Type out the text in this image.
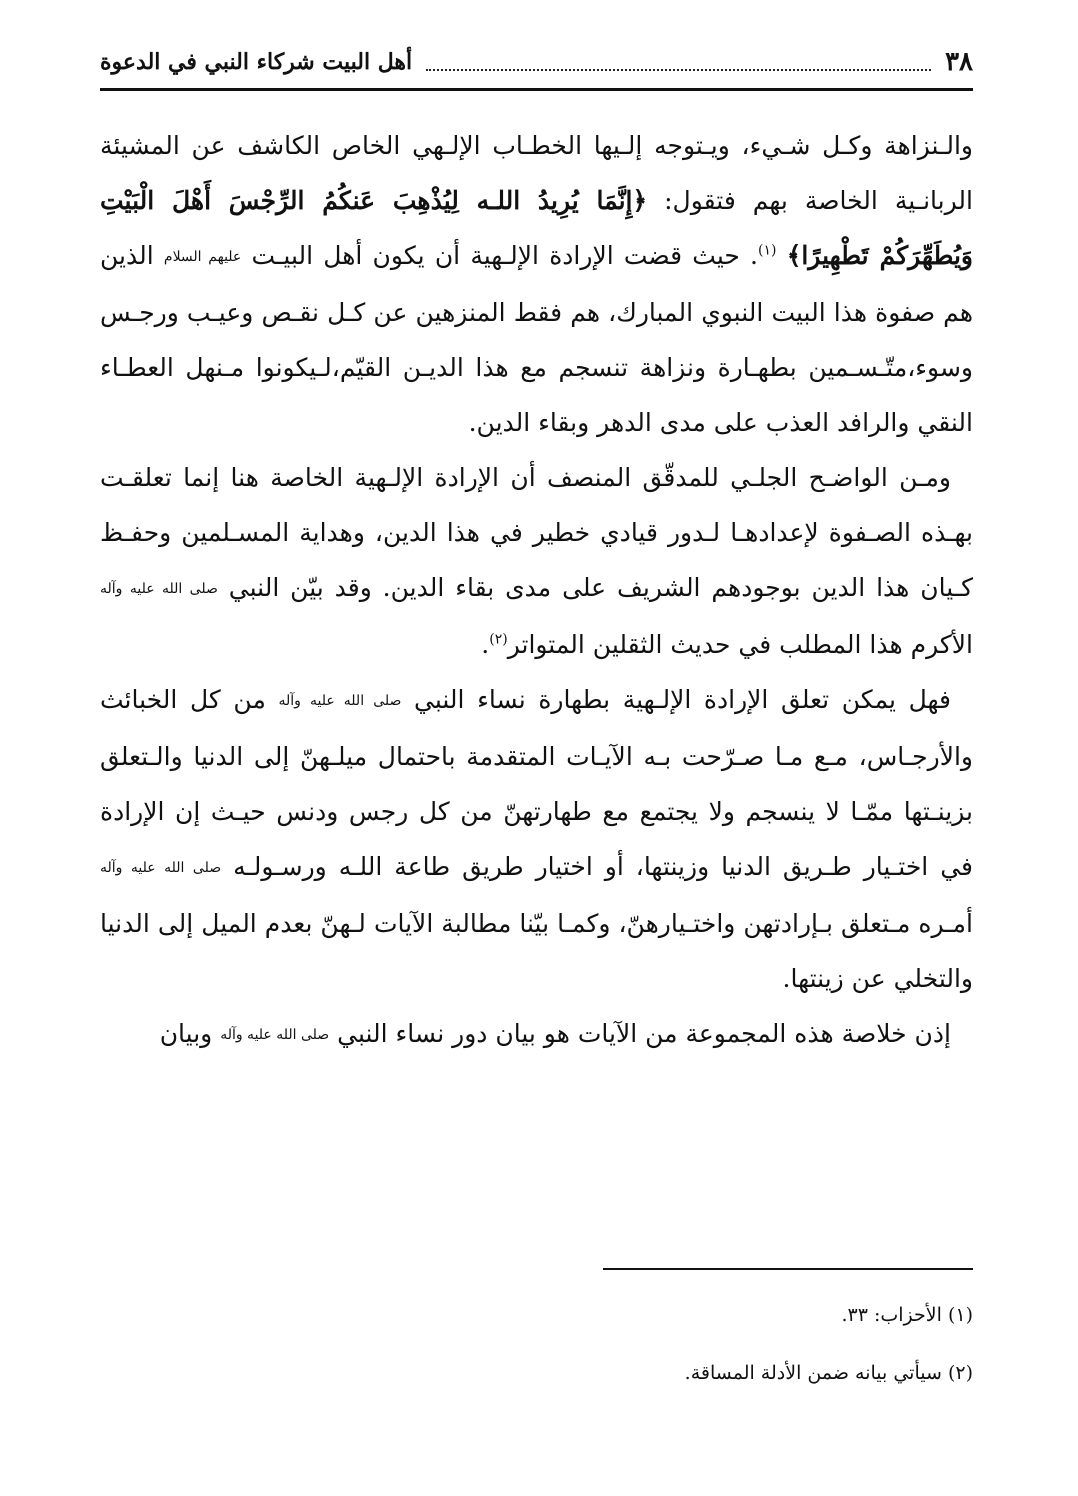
٣٨
أهل البيت شركاء النبي في الدعوة

والـنزاهة وكـل شـيء، ويـتوجه إلـيها الخطـاب الإلـهي الخاص الكاشف عن المشيئة الربانـية الخاصة بهم فتقول: ﴿إِنَّمَا يُرِيدُ اللـه لِيُذْهِبَ عَنكُمُ الرِّجْسَ أَهْلَ الْبَيْتِ وَيُطَهِّرَكُمْ تَطْهِيرًا﴾ $^{(١)}$. حيث قضت الإرادة الإلـهية أن يكون أهل البيـت عليهم السلام الذين هم صفوة هذا البيت النبوي المبارك، هم فقط المنزهين عن كـل نقـص وعيـب ورجـس وسوء،متّـسـمين بطهـارة ونزاهة تنسجم مع هذا الديـن القيّم،لـيكونوا مـنهل العطـاء النقي والرافد العذب على مدى الدهر وبقاء الدين.

ومـن الواضـح الجلـي للمدقّق المنصف أن الإرادة الإلـهية الخاصة هنا إنما تعلقـت بهـذه الصـفوة لإعدادهـا لـدور قيادي خطير في هذا الدين، وهداية المسـلمين وحفـظ كـيان هذا الدين بوجودهم الشريف على مدى بقاء الدين. وقد بيّن النبي صلى الله عليه وآله الأكرم هذا المطلب في حديث الثقلين المتواتر$^{(٢)}$.

فهل يمكن تعلق الإرادة الإلـهية بطهارة نساء النبي صلى الله عليه وآله من كل الخبائث والأرجـاس، مـع مـا صـرّحت بـه الآيـات المتقدمة باحتمال ميلـهنّ إلى الدنيا والـتعلق بزينـتها ممّـا لا ينسجم ولا يجتمع مع طهارتهنّ من كل رجس ودنس حيـث إن الإرادة في اختـيار طـريق الدنيا وزينتها، أو اختيار طريق طاعة اللـه ورسـولـه صلى الله عليه وآله أمـره مـتعلق بـإرادتهن واختـيارهنّ، وكمـا بيّنا مطالبة الآيات لـهنّ بعدم الميل إلى الدنيا والتخلي عن زينتها.

إذن خلاصة هذه المجموعة من الآيات هو بيان دور نساء النبي صلى الله عليه وآله وبيان

(١) الأحزاب: ٣٣.

(٢) سيأتي بيانه ضمن الأدلة المساقة.
